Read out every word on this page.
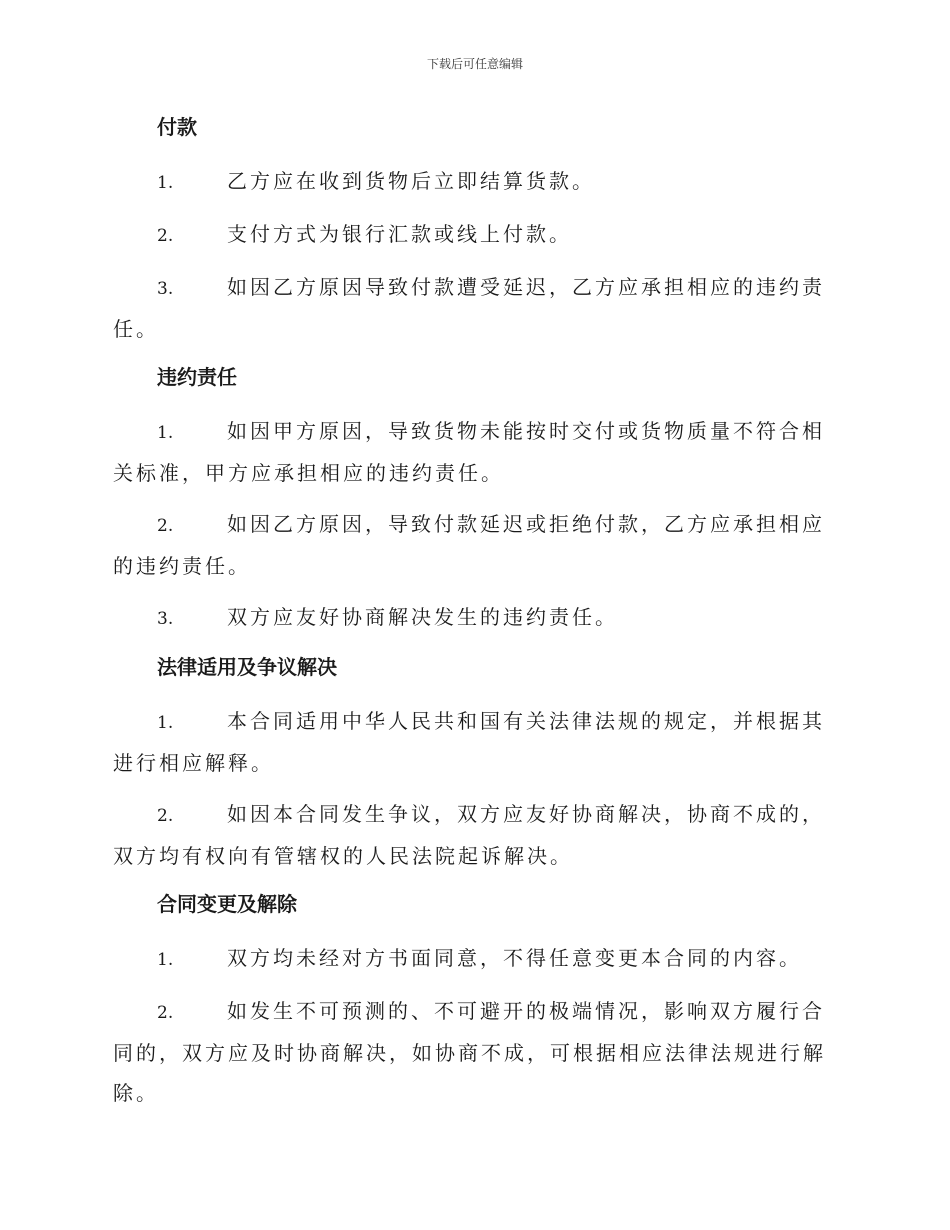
下载后可任意编辑
付款

1.	乙方应在收到货物后立即结算货款。

2.	支付方式为银行汇款或线上付款。

3.	如因乙方原因导致付款遭受延迟，乙方应承担相应的违约责任。

违约责任

1.	如因甲方原因，导致货物未能按时交付或货物质量不符合相关标准，甲方应承担相应的违约责任。

2.	如因乙方原因，导致付款延迟或拒绝付款，乙方应承担相应的违约责任。

3.	双方应友好协商解决发生的违约责任。

法律适用及争议解决

1.	本合同适用中华人民共和国有关法律法规的规定，并根据其进行相应解释。

2.	如因本合同发生争议，双方应友好协商解决，协商不成的，双方均有权向有管辖权的人民法院起诉解决。

合同变更及解除

1.	双方均未经对方书面同意，不得任意变更本合同的内容。

2.	如发生不可预测的、不可避开的极端情况，影响双方履行合同的，双方应及时协商解决，如协商不成，可根据相应法律法规进行解除。
